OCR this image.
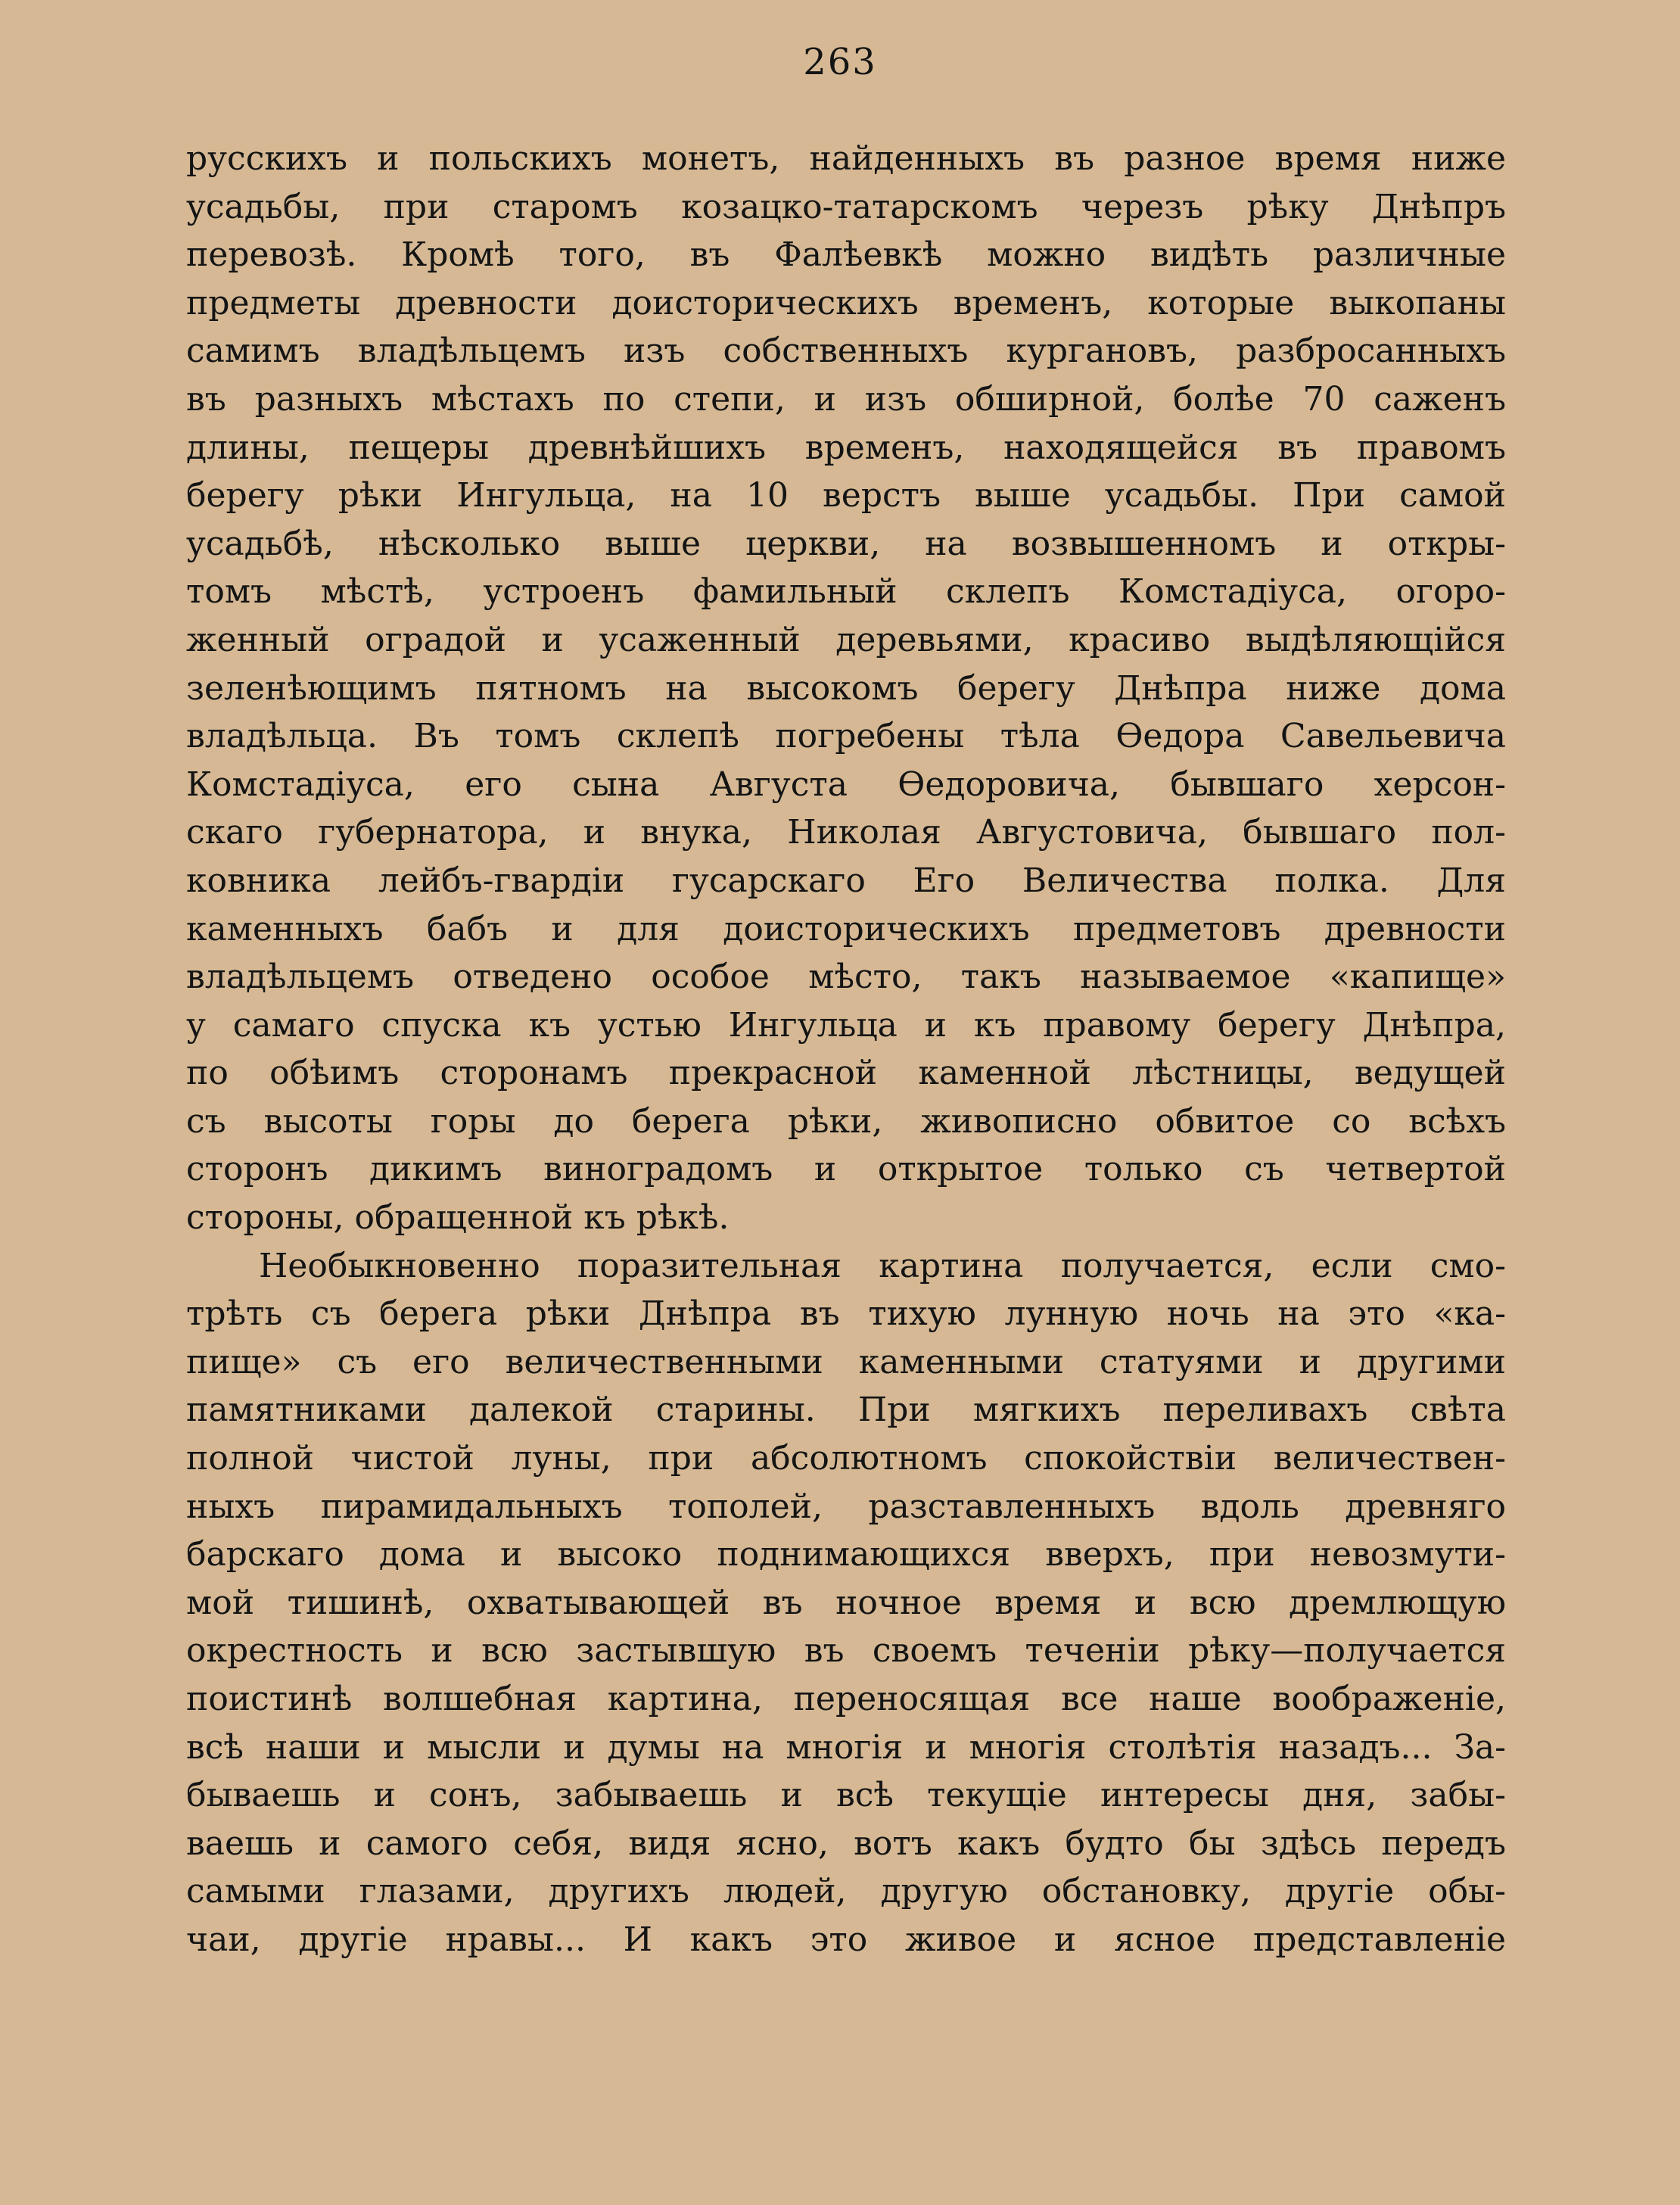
263
русскихъ и польскихъ монетъ, найденныхъ въ разное время ниже
усадьбы, при старомъ козацко-татарскомъ черезъ рѣку Днѣпръ
перевозѣ. Кромѣ того, въ Фалѣевкѣ можно видѣть различные
предметы древности доисторическихъ временъ, которые выкопаны
самимъ владѣльцемъ изъ собственныхъ кургановъ, разбросанныхъ
въ разныхъ мѣстахъ по степи, и изъ обширной, болѣе 70 саженъ
длины, пещеры древнѣйшихъ временъ, находящейся въ правомъ
берегу рѣки Ингульца, на 10 верстъ выше усадьбы. При самой
усадьбѣ, нѣсколько выше церкви, на возвышенномъ и откры-
томъ мѣстѣ, устроенъ фамильный склепъ Комстадіуса, огоро-
женный оградой и усаженный деревьями, красиво выдѣляющійся
зеленѣющимъ пятномъ на высокомъ берегу Днѣпра ниже дома
владѣльца. Въ томъ склепѣ погребены тѣла Өедора Савельевича
Комстадіуса, его сына Августа Өедоровича, бывшаго херсон-
скаго губернатора, и внука, Николая Августовича, бывшаго пол-
ковника лейбъ-гвардіи гусарскаго Его Величества полка. Для
каменныхъ бабъ и для доисторическихъ предметовъ древности
владѣльцемъ отведено особое мѣсто, такъ называемое «капище»
у самаго спуска къ устью Ингульца и къ правому берегу Днѣпра,
по обѣимъ сторонамъ прекрасной каменной лѣстницы, ведущей
съ высоты горы до берега рѣки, живописно обвитое со всѣхъ
сторонъ дикимъ виноградомъ и открытое только съ четвертой
стороны, обращенной къ рѣкѣ.
Необыкновенно поразительная картина получается, если смо-
трѣть съ берега рѣки Днѣпра въ тихую лунную ночь на это «ка-
пище» съ его величественными каменными статуями и другими
памятниками далекой старины. При мягкихъ переливахъ свѣта
полной чистой луны, при абсолютномъ спокойствіи величествен-
ныхъ пирамидальныхъ тополей, разставленныхъ вдоль древняго
барскаго дома и высоко поднимающихся вверхъ, при невозмути-
мой тишинѣ, охватывающей въ ночное время и всю дремлющую
окрестность и всю застывшую въ своемъ теченіи рѣку—получается
поистинѣ волшебная картина, переносящая все наше воображеніе,
всѣ наши и мысли и думы на многія и многія столѣтія назадъ... За-
бываешь и сонъ, забываешь и всѣ текущіе интересы дня, забы-
ваешь и самого себя, видя ясно, вотъ какъ будто бы здѣсь передъ
самыми глазами, другихъ людей, другую обстановку, другіе обы-
чаи, другіе нравы... И какъ это живое и ясное представленіе
